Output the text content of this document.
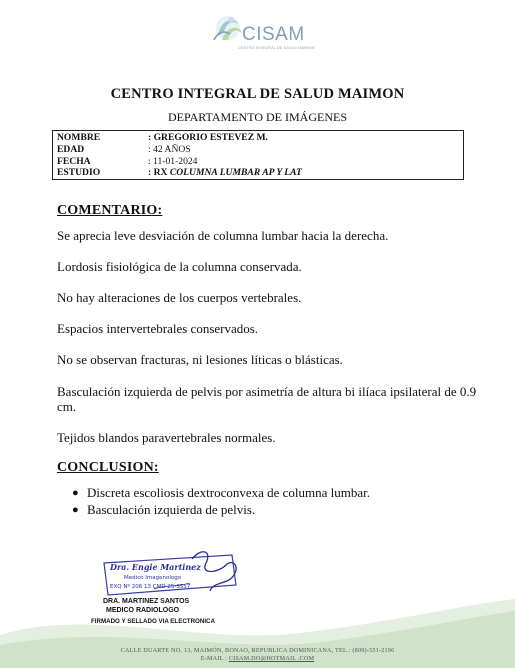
CISAM
CENTRO INTEGRAL DE SALUD MAIMON
CENTRO INTEGRAL DE SALUD MAIMON
DEPARTAMENTO DE IMÁGENES
NOMBRE	: GREGORIO ESTEVEZ M.
EDAD	: 42 AÑOS
FECHA	: 11-01-2024
ESTUDIO	: RX COLUMNA LUMBAR AP Y LAT
COMENTARIO:
Se aprecia leve desviación de columna lumbar hacia la derecha.
Lordosis fisiológica de la columna conservada.
No hay alteraciones de los cuerpos vertebrales.
Espacios intervertebrales conservados.
No se observan fracturas, ni lesiones líticas o blásticas.
Basculación izquierda de pelvis por asimetría de altura bi ilíaca ipsilateral de 0.9 cm.
Tejidos blandos paravertebrales normales.
CONCLUSION:
● Discreta escoliosis dextroconvexa de columna lumbar.
● Basculación izquierda de pelvis.
Dra. Engie Martinez
Medico Imagenologo
EXQ Nº 206 13 CMD 25-3557
DRA. MARTINEZ SANTOS
MEDICO RADIOLOGO
FIRMADO Y SELLADO VIA ELECTRONICA
CALLE DUARTE NO. 13, MAIMÓN, BONAO, REPUBLICA DOMINICANA, TEL.: (809)-551-2196
E-MAIL : CISAM.DO@HOTMAIL .COM
